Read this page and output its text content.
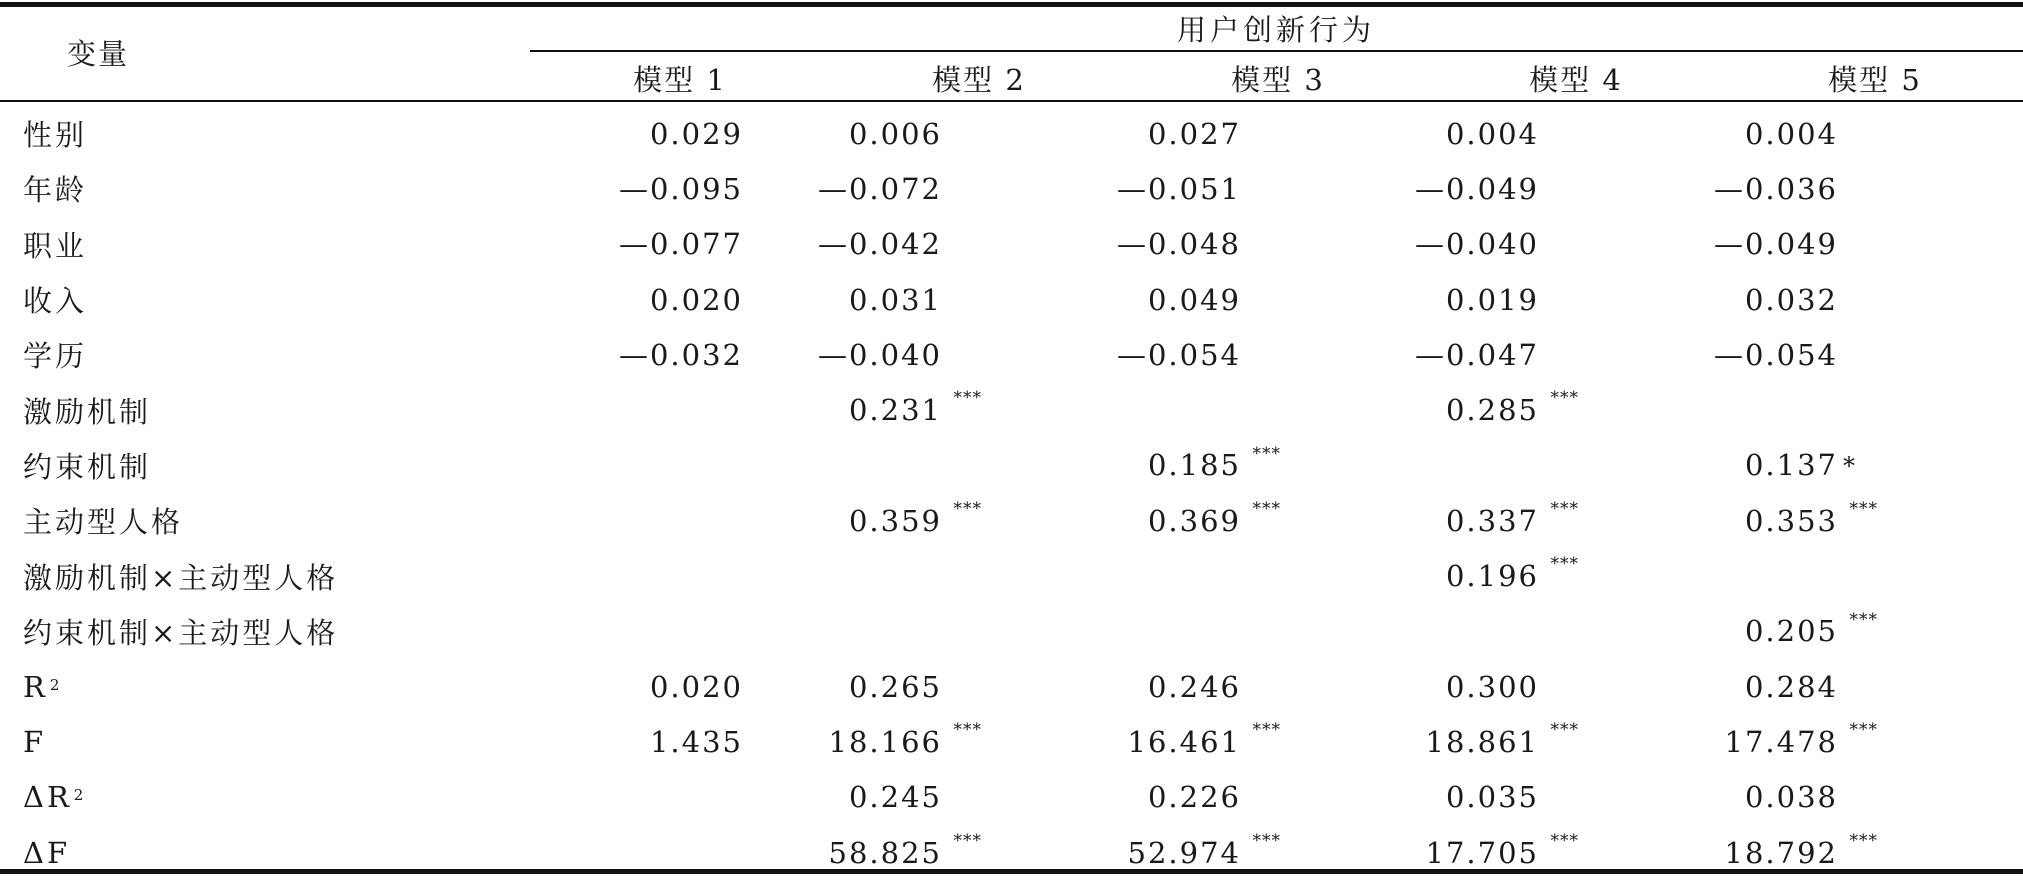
变量
用户创新行为
模型 1	模型 2	模型 3	模型 4	模型 5
性别	0.029	0.006	0.027	0.004	0.004

年龄	—0.095	—0.072	—0.051	—0.049	—0.036

职业	—0.077	—0.042	—0.048	—0.040	—0.049

收入	0.020	0.031	0.049	0.019	0.032

学历	—0.032	—0.040	—0.054	—0.047	—0.054

激励机制		0.231 ***		0.285 ***	

约束机制			0.185 ***		0.137 *

主动型人格		0.359 ***	0.369 ***	0.337 ***	0.353 ***

激励机制×主动型人格				0.196 ***	

约束机制×主动型人格					0.205 ***

R $^2$	0.020	0.265	0.246	0.300	0.284

F	1.435	18.166 ***	16.461 ***	18.861 ***	17.478 ***

ΔR $^2$		0.245	0.226	0.035	0.038

ΔF		58.825 ***	52.974 ***	17.705 ***	18.792 ***
